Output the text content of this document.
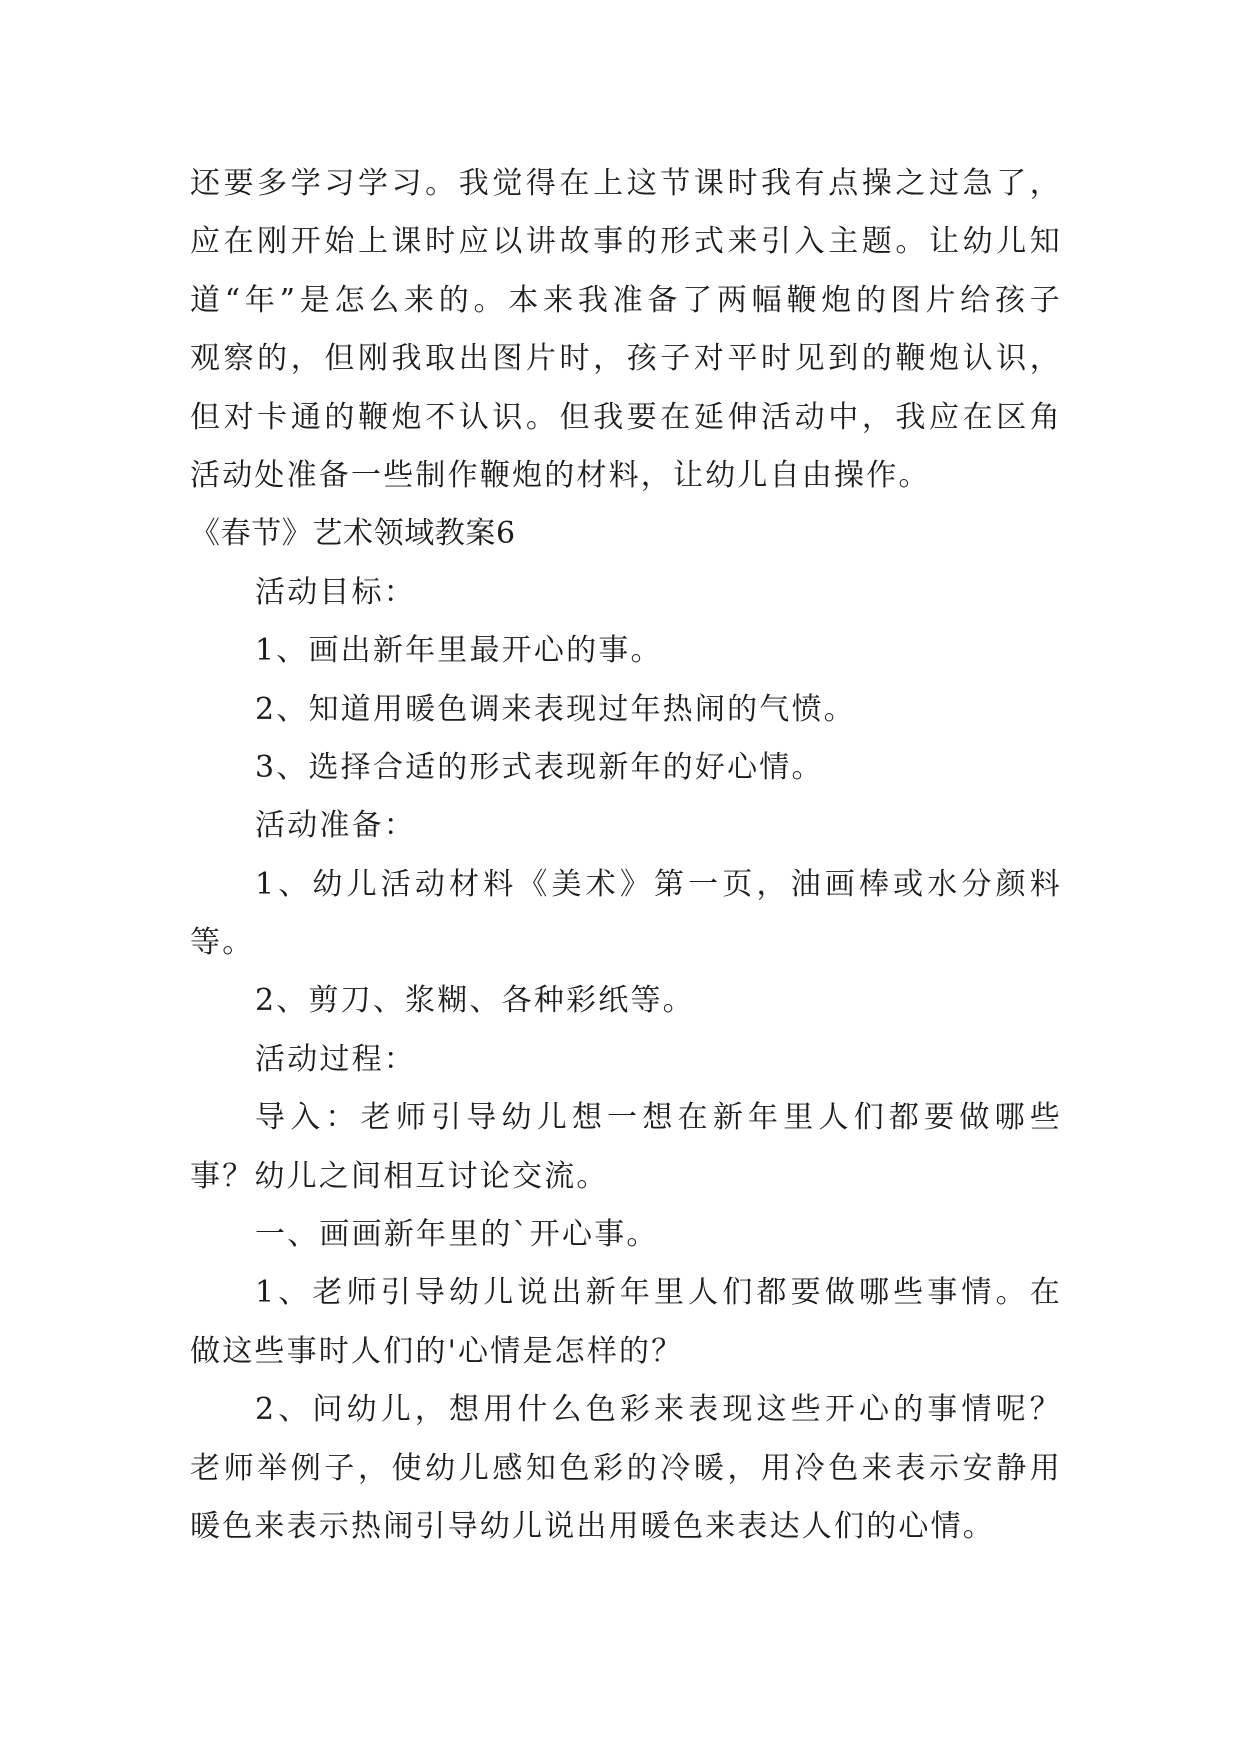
还要多学习学习。我觉得在上这节课时我有点操之过急了，
应在刚开始上课时应以讲故事的形式来引入主题。让幼儿知
道“年”是怎么来的。本来我准备了两幅鞭炮的图片给孩子
观察的，但刚我取出图片时，孩子对平时见到的鞭炮认识，
但对卡通的鞭炮不认识。但我要在延伸活动中，我应在区角
活动处准备一些制作鞭炮的材料，让幼儿自由操作。
《春节》艺术领域教案6
活动目标：
1、画出新年里最开心的事。
2、知道用暖色调来表现过年热闹的气愤。
3、选择合适的形式表现新年的好心情。
活动准备：
1、幼儿活动材料《美术》第一页，油画棒或水分颜料
等。
2、剪刀、浆糊、各种彩纸等。
活动过程：
导入：老师引导幼儿想一想在新年里人们都要做哪些
事？幼儿之间相互讨论交流。
一、画画新年里的`开心事。
1、老师引导幼儿说出新年里人们都要做哪些事情。在
做这些事时人们的'心情是怎样的？
2、问幼儿，想用什么色彩来表现这些开心的事情呢？
老师举例子，使幼儿感知色彩的冷暖，用冷色来表示安静用
暖色来表示热闹引导幼儿说出用暖色来表达人们的心情。
